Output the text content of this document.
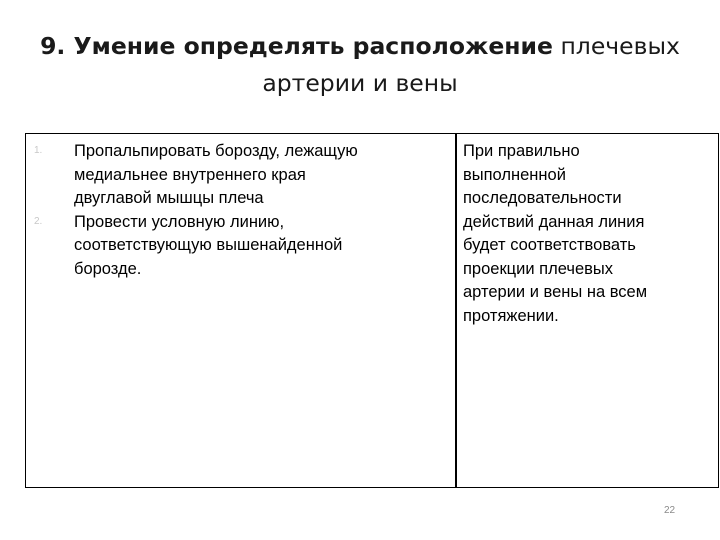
9. Умение определять расположение плечевых
артерии и вены
1. Пропальпировать борозду, лежащую
медиальнее внутреннего края
двуглавой мышцы плеча
2. Провести условную линию,
соответствующую вышенайденной
борозде.
При правильно
выполненной
последовательности
действий данная линия
будет соответствовать
проекции плечевых
артерии и вены на всем
протяжении.
22
